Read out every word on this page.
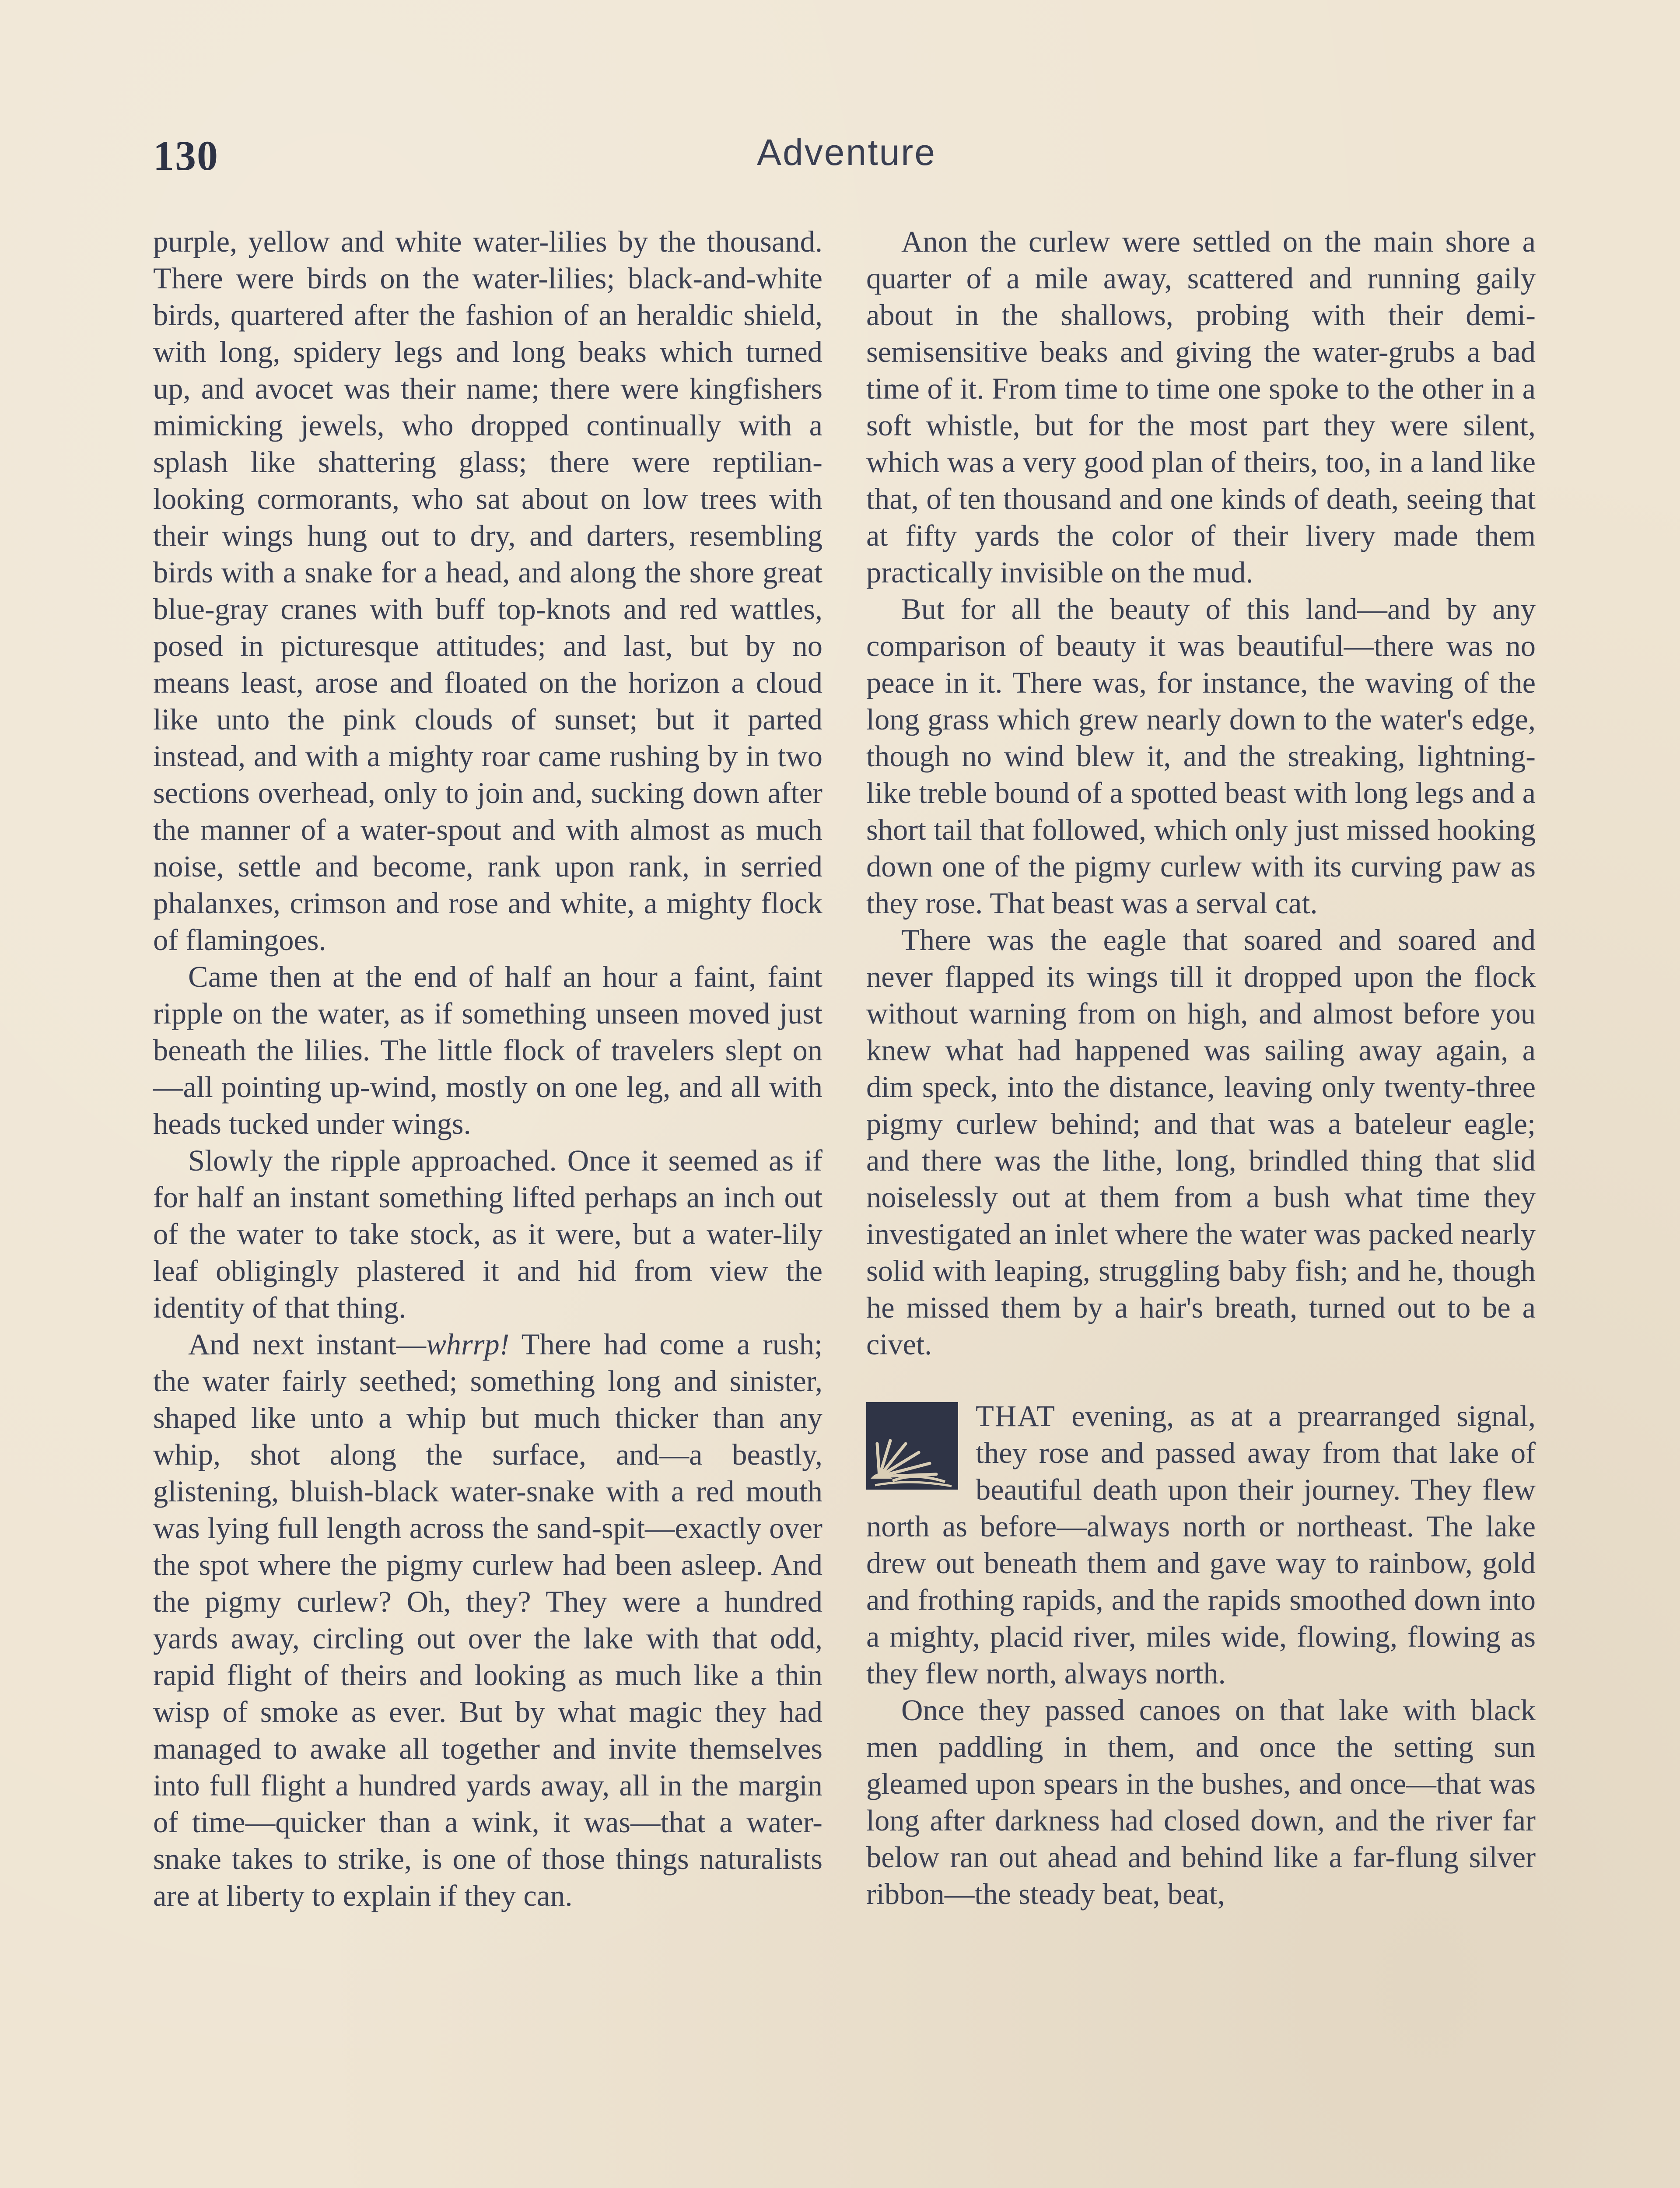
130	Adventure

purple, yellow and white water-lilies by the thousand. There were birds on the water-lilies; black-and-white birds, quartered after the fashion of an heraldic shield, with long, spidery legs and long beaks which turned up, and avocet was their name; there were kingfishers mimicking jewels, who dropped continually with a splash like shattering glass; there were reptilian-looking cormorants, who sat about on low trees with their wings hung out to dry, and darters, resembling birds with a snake for a head, and along the shore great blue-gray cranes with buff top-knots and red wattles, posed in picturesque attitudes; and last, but by no means least, arose and floated on the horizon a cloud like unto the pink clouds of sunset; but it parted instead, and with a mighty roar came rushing by in two sections overhead, only to join and, sucking down after the manner of a water-spout and with almost as much noise, settle and become, rank upon rank, in serried phalanxes, crimson and rose and white, a mighty flock of flamingoes.

Came then at the end of half an hour a faint, faint ripple on the water, as if something unseen moved just beneath the lilies. The little flock of travelers slept on—all pointing up-wind, mostly on one leg, and all with heads tucked under wings.

Slowly the ripple approached. Once it seemed as if for half an instant something lifted perhaps an inch out of the water to take stock, as it were, but a water-lily leaf obligingly plastered it and hid from view the identity of that thing.

And next instant—whrrp! There had come a rush; the water fairly seethed; something long and sinister, shaped like unto a whip but much thicker than any whip, shot along the surface, and—a beastly, glistening, bluish-black water-snake with a red mouth was lying full length across the sand-spit—exactly over the spot where the pigmy curlew had been asleep. And the pigmy curlew? Oh, they? They were a hundred yards away, circling out over the lake with that odd, rapid flight of theirs and looking as much like a thin wisp of smoke as ever. But by what magic they had managed to awake all together and invite themselves into full flight a hundred yards away, all in the margin of time—quicker than a wink, it was—that a water-snake takes to strike, is one of those things naturalists are at liberty to explain if they can.

Anon the curlew were settled on the main shore a quarter of a mile away, scattered and running gaily about in the shallows, probing with their demi-semisensitive beaks and giving the water-grubs a bad time of it. From time to time one spoke to the other in a soft whistle, but for the most part they were silent, which was a very good plan of theirs, too, in a land like that, of ten thousand and one kinds of death, seeing that at fifty yards the color of their livery made them practically invisible on the mud.

But for all the beauty of this land—and by any comparison of beauty it was beautiful—there was no peace in it. There was, for instance, the waving of the long grass which grew nearly down to the water's edge, though no wind blew it, and the streaking, lightning-like treble bound of a spotted beast with long legs and a short tail that followed, which only just missed hooking down one of the pigmy curlew with its curving paw as they rose. That beast was a serval cat.

There was the eagle that soared and soared and never flapped its wings till it dropped upon the flock without warning from on high, and almost before you knew what had happened was sailing away again, a dim speck, into the distance, leaving only twenty-three pigmy curlew behind; and that was a bateleur eagle; and there was the lithe, long, brindled thing that slid noiselessly out at them from a bush what time they investigated an inlet where the water was packed nearly solid with leaping, struggling baby fish; and he, though he missed them by a hair's breath, turned out to be a civet.

THAT evening, as at a prearranged signal, they rose and passed away from that lake of beautiful death upon their journey. They flew north as before—always north or northeast. The lake drew out beneath them and gave way to rainbow, gold and frothing rapids, and the rapids smoothed down into a mighty, placid river, miles wide, flowing, flowing as they flew north, always north.

Once they passed canoes on that lake with black men paddling in them, and once the setting sun gleamed upon spears in the bushes, and once—that was long after darkness had closed down, and the river far below ran out ahead and behind like a far-flung silver ribbon—the steady beat, beat,
